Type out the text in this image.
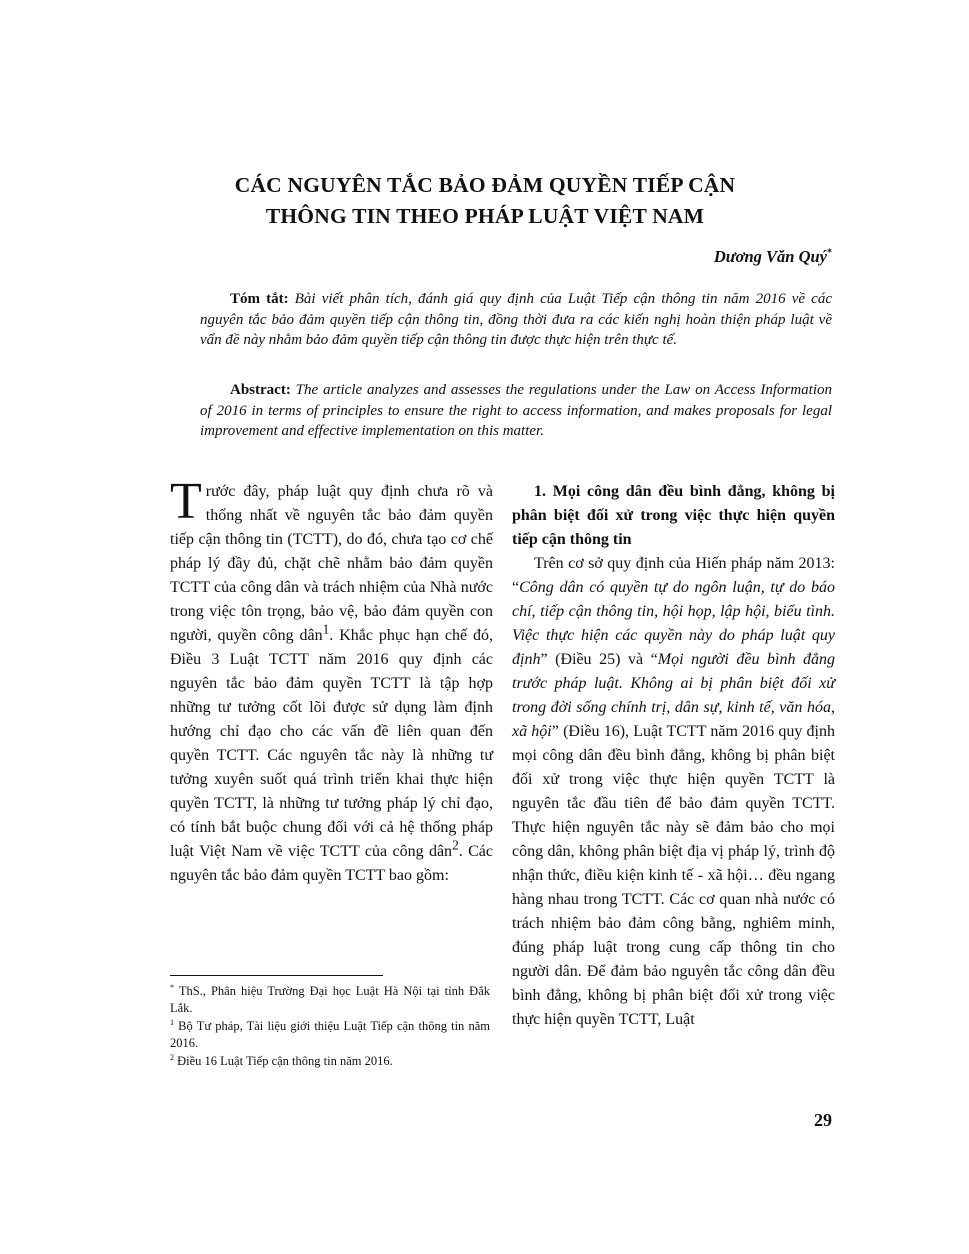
CÁC NGUYÊN TẮC BẢO ĐẢM QUYỀN TIẾP CẬN
THÔNG TIN THEO PHÁP LUẬT VIỆT NAM
Dương Văn Quý*

Tóm tắt: Bài viết phân tích, đánh giá quy định của Luật Tiếp cận thông tin năm 2016 về các nguyên tắc bảo đảm quyền tiếp cận thông tin, đồng thời đưa ra các kiến nghị hoàn thiện pháp luật về vấn đề này nhằm bảo đảm quyền tiếp cận thông tin được thực hiện trên thực tế.

Abstract: The article analyzes and assesses the regulations under the Law on Access Information of 2016 in terms of principles to ensure the right to access information, and makes proposals for legal improvement and effective implementation on this matter.

Trước đây, pháp luật quy định chưa rõ và thống nhất về nguyên tắc bảo đảm quyền tiếp cận thông tin (TCTT), do đó, chưa tạo cơ chế pháp lý đầy đủ, chặt chẽ nhằm bảo đảm quyền TCTT của công dân và trách nhiệm của Nhà nước trong việc tôn trọng, bảo vệ, bảo đảm quyền con người, quyền công dân$^1$. Khắc phục hạn chế đó, Điều 3 Luật TCTT năm 2016 quy định các nguyên tắc bảo đảm quyền TCTT là tập hợp những tư tưởng cốt lõi được sử dụng làm định hướng chỉ đạo cho các vấn đề liên quan đến quyền TCTT. Các nguyên tắc này là những tư tưởng xuyên suốt quá trình triển khai thực hiện quyền TCTT, là những tư tưởng pháp lý chỉ đạo, có tính bắt buộc chung đối với cả hệ thống pháp luật Việt Nam về việc TCTT của công dân$^2$. Các nguyên tắc bảo đảm quyền TCTT bao gồm:

1. Mọi công dân đều bình đẳng, không bị phân biệt đối xử trong việc thực hiện quyền tiếp cận thông tin

Trên cơ sở quy định của Hiến pháp năm 2013: “Công dân có quyền tự do ngôn luận, tự do báo chí, tiếp cận thông tin, hội họp, lập hội, biểu tình. Việc thực hiện các quyền này do pháp luật quy định” (Điều 25) và “Mọi người đều bình đẳng trước pháp luật. Không ai bị phân biệt đối xử trong đời sống chính trị, dân sự, kinh tế, văn hóa, xã hội” (Điều 16), Luật TCTT năm 2016 quy định mọi công dân đều bình đẳng, không bị phân biệt đối xử trong việc thực hiện quyền TCTT là nguyên tắc đầu tiên để bảo đảm quyền TCTT. Thực hiện nguyên tắc này sẽ đảm bảo cho mọi công dân, không phân biệt địa vị pháp lý, trình độ nhận thức, điều kiện kinh tế - xã hội… đều ngang hàng nhau trong TCTT. Các cơ quan nhà nước có trách nhiệm bảo đảm công bằng, nghiêm minh, đúng pháp luật trong cung cấp thông tin cho người dân. Để đảm bảo nguyên tắc công dân đều bình đẳng, không bị phân biệt đối xử trong việc thực hiện quyền TCTT, Luật

* ThS., Phân hiệu Trường Đại học Luật Hà Nội tại tỉnh Đắk Lắk.

$^1$ Bộ Tư pháp, Tài liệu giới thiệu Luật Tiếp cận thông tin năm 2016.

$^2$ Điều 16 Luật Tiếp cận thông tin năm 2016.

29
